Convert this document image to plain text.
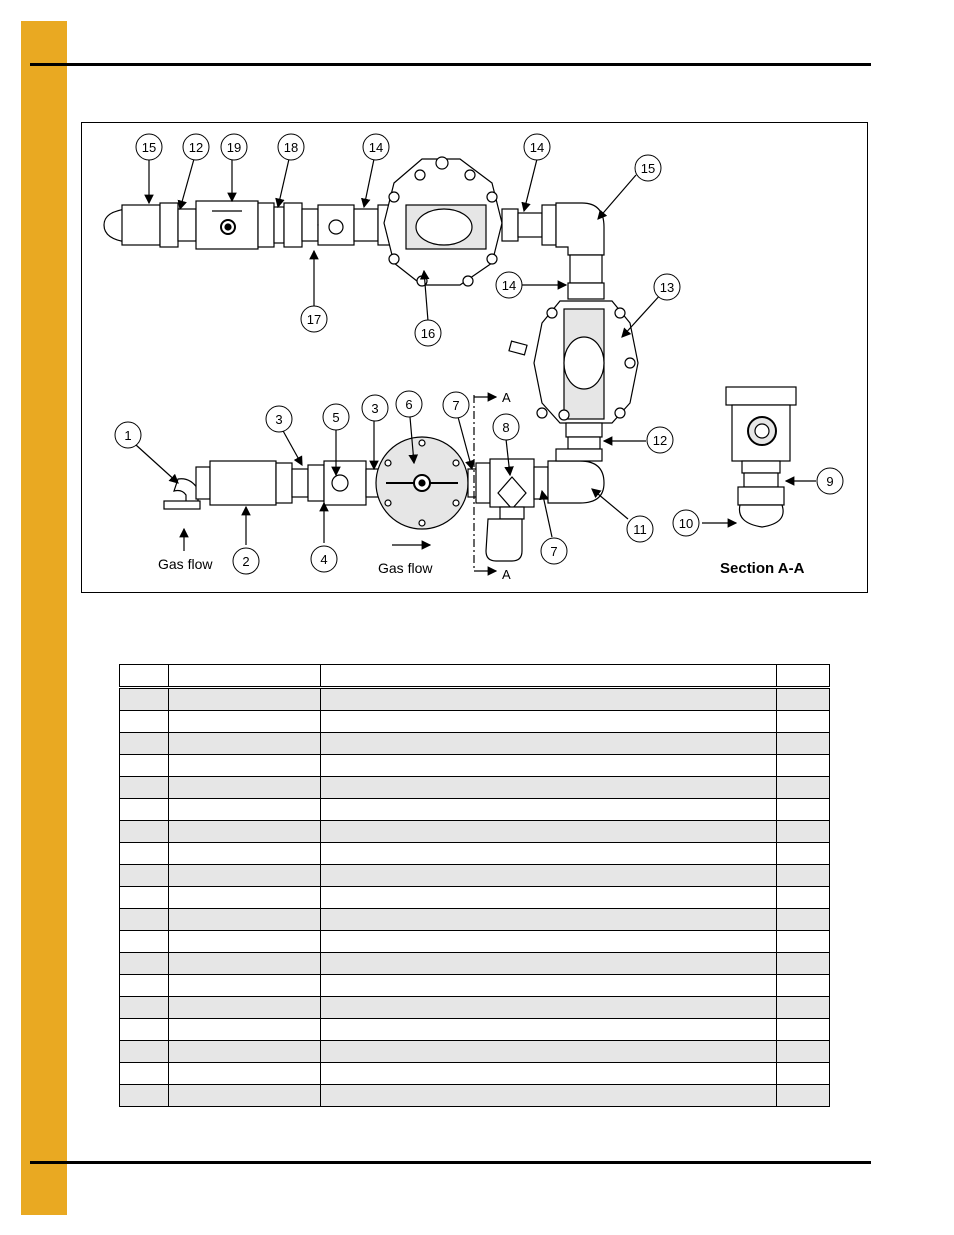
15	12 19	18	14	14
15
14	13
16
17
1
3	5
3 6	7
8
12
9
2	4
7
11 10
Gas flow	Gas flow
A
A	Section A-A
